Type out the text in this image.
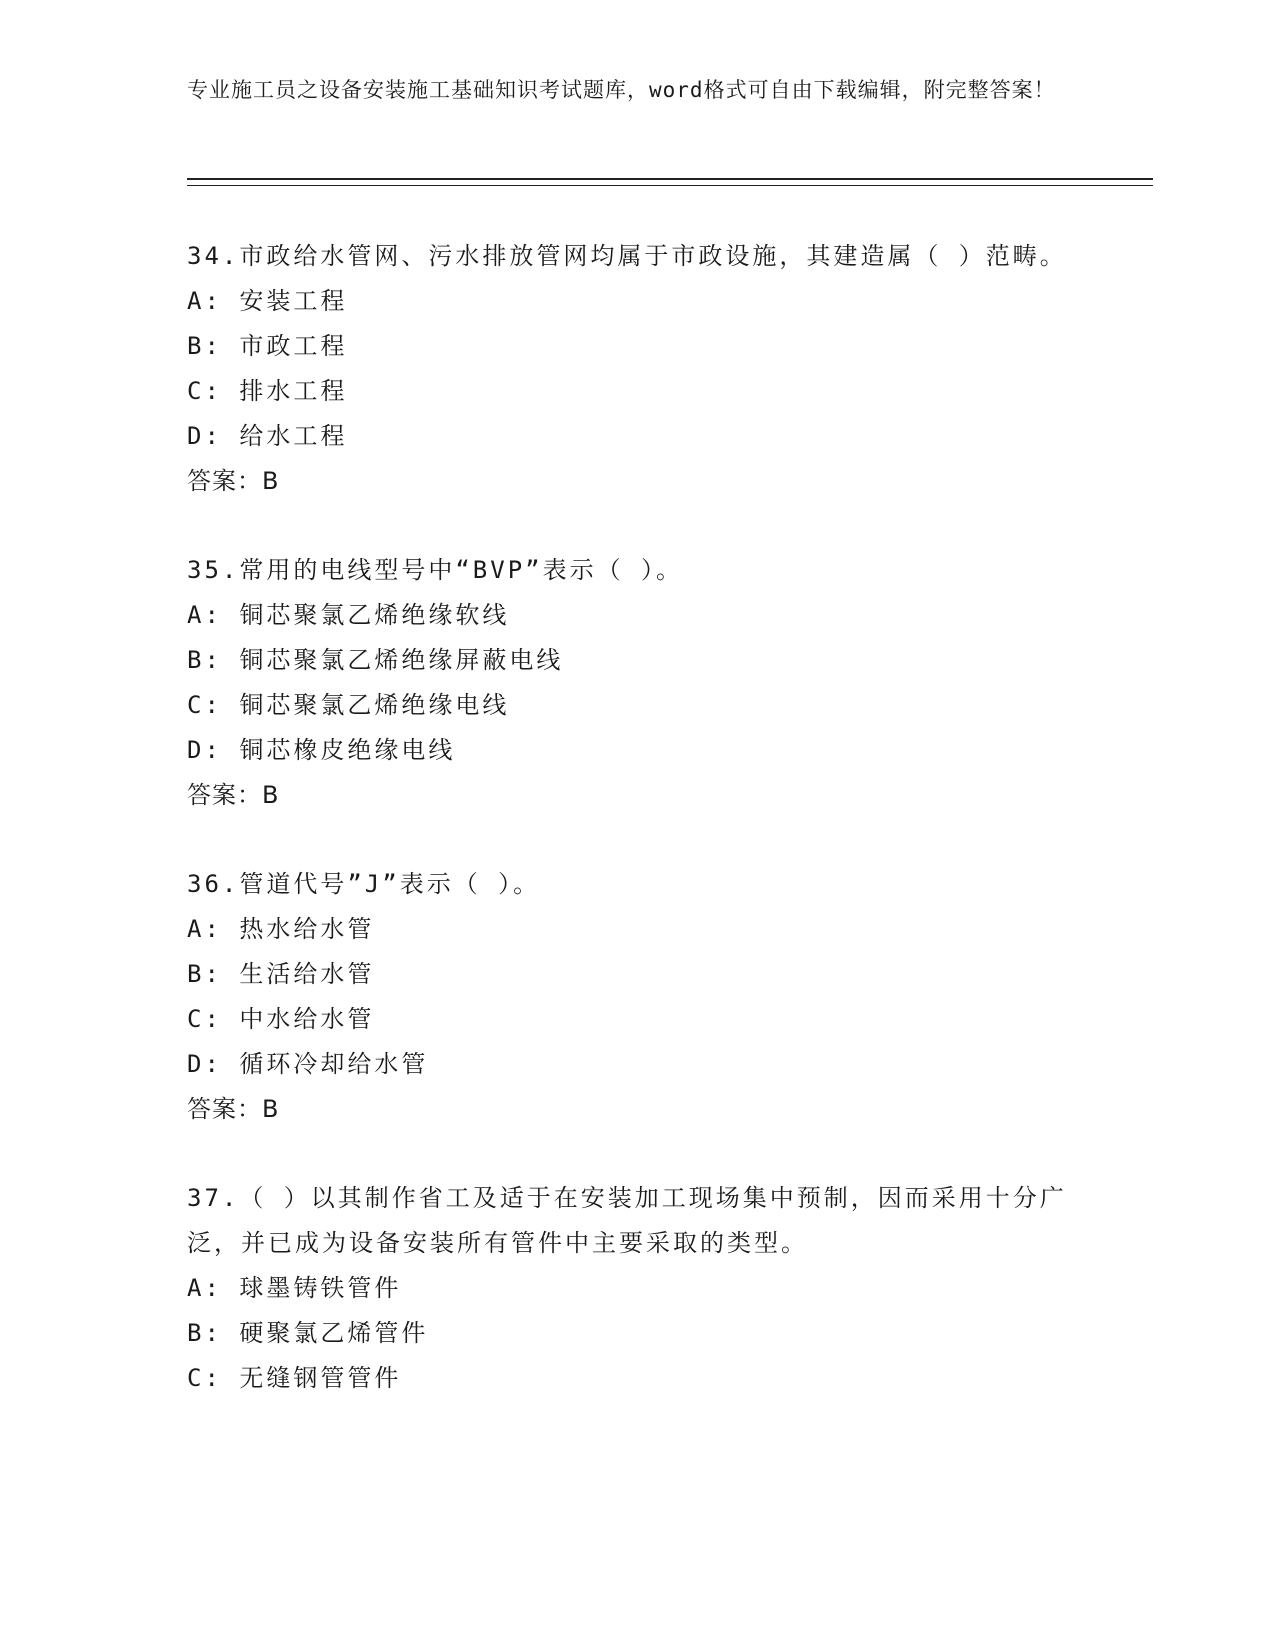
专业施工员之设备安装施工基础知识考试题库，word格式可自由下载编辑，附完整答案！
34.市政给水管网、污水排放管网均属于市政设施，其建造属（ ）范畴。
A: 安装工程
B: 市政工程
C: 排水工程
D: 给水工程
答案：B
35.常用的电线型号中“BVP”表示（ ）。
A: 铜芯聚氯乙烯绝缘软线
B: 铜芯聚氯乙烯绝缘屏蔽电线
C: 铜芯聚氯乙烯绝缘电线
D: 铜芯橡皮绝缘电线
答案：B
36.管道代号”J”表示（ ）。
A: 热水给水管
B: 生活给水管
C: 中水给水管
D: 循环冷却给水管
答案：B
37.（ ）以其制作省工及适于在安装加工现场集中预制，因而采用十分广泛，并已成为设备安装所有管件中主要采取的类型。
A: 球墨铸铁管件
B: 硬聚氯乙烯管件
C: 无缝钢管管件
